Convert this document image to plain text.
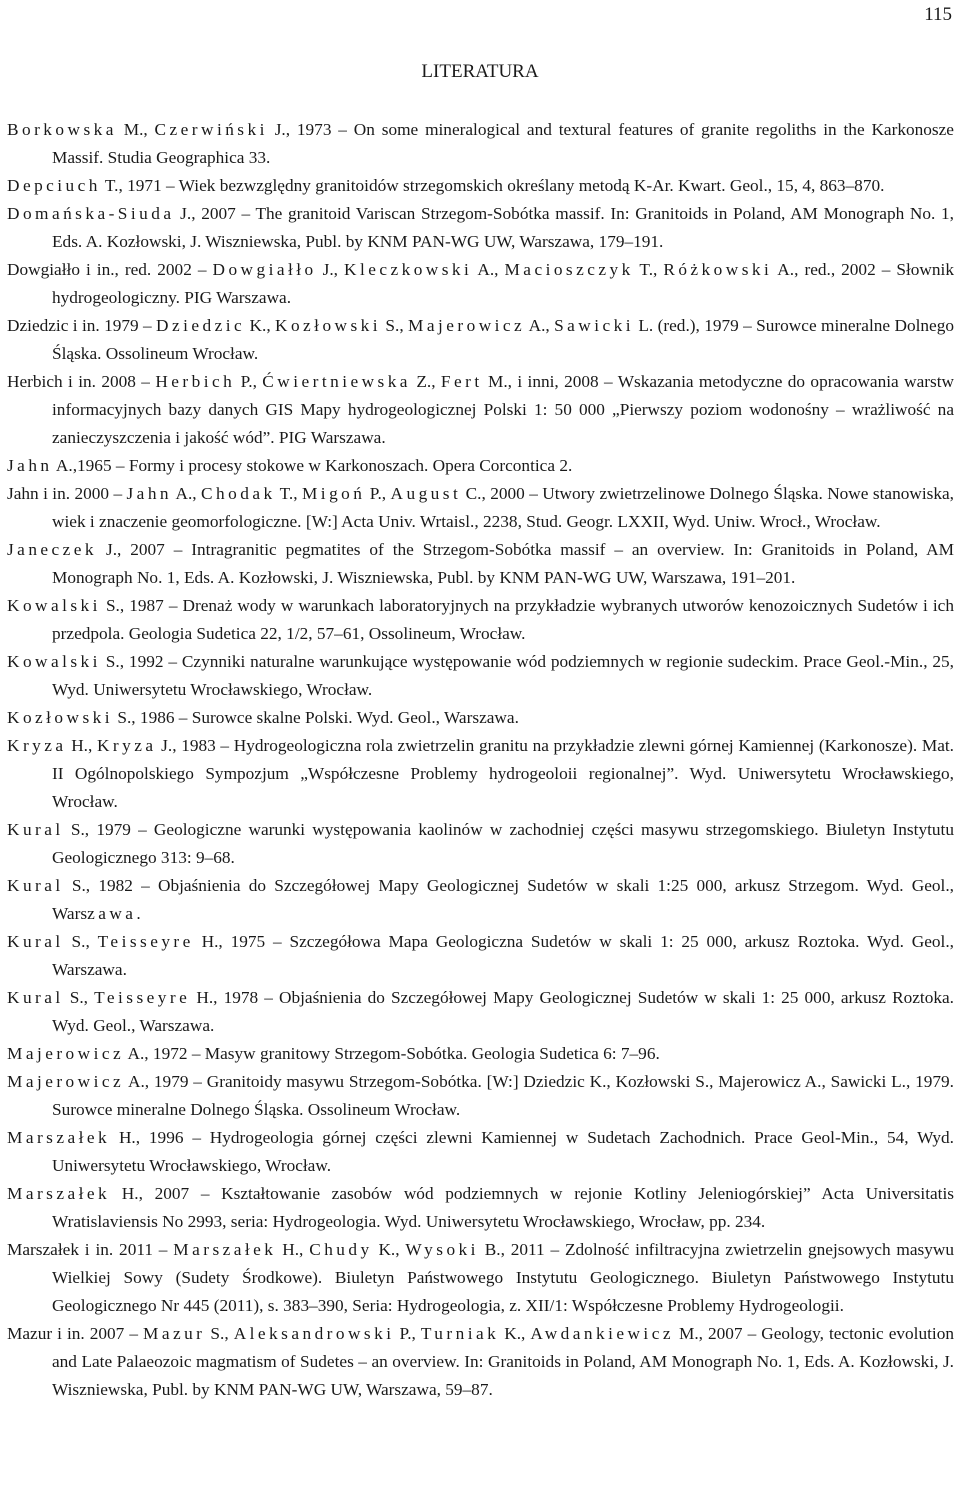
115
LITERATURA
Borkowska M., Czerwiński J., 1973 – On some mineralogical and textural features of granite regoliths in the Karkonosze Massif. Studia Geographica 33.
Depciuch T., 1971 – Wiek bezwzględny granitoidów strzegomskich określany metodą K-Ar. Kwart. Geol., 15, 4, 863–870.
Domańska-Siuda J., 2007 – The granitoid Variscan Strzegom-Sobótka massif. In: Granitoids in Poland, AM Monograph No. 1, Eds. A. Kozłowski, J. Wiszniewska, Publ. by KNM PAN-WG UW, Warszawa, 179–191.
Dowgiałło i in., red. 2002 – Dowgiałło J., Kleczkowski A., Macioszczyk T., Różkowski A., red., 2002 – Słownik hydrogeologiczny. PIG Warszawa.
Dziedzic i in. 1979 – Dziedzic K., Kozłowski S., Majerowicz A., Sawicki L. (red.), 1979 – Surowce mineralne Dolnego Śląska. Ossolineum Wrocław.
Herbich i in. 2008 – Herbich P., Ćwiertniewska Z., Fert M., i inni, 2008 – Wskazania metodyczne do opracowania warstw informacyjnych bazy danych GIS Mapy hydrogeologicznej Polski 1: 50 000 „Pierwszy poziom wodonośny – wrażliwość na zanieczyszczenia i jakość wód”. PIG Warszawa.
Jahn A.,1965 – Formy i procesy stokowe w Karkonoszach. Opera Corcontica 2.
Jahn i in. 2000 – Jahn A., Chodak T., Migoń P., August C., 2000 – Utwory zwietrzelinowe Dolnego Śląska. Nowe stanowiska, wiek i znaczenie geomorfologiczne. [W:] Acta Univ. Wrtaisl., 2238, Stud. Geogr. LXXII, Wyd. Uniw. Wrocł., Wrocław.
Janeczek J., 2007 – Intragranitic pegmatites of the Strzegom-Sobótka massif – an overview. In: Granitoids in Poland, AM Monograph No. 1, Eds. A. Kozłowski, J. Wiszniewska, Publ. by KNM PAN-WG UW, Warszawa, 191–201.
Kowalski S., 1987 – Drenaż wody w warunkach laboratoryjnych na przykładzie wybranych utworów kenozoicznych Sudetów i ich przedpola. Geologia Sudetica 22, 1/2, 57–61, Ossolineum, Wrocław.
Kowalski S., 1992 – Czynniki naturalne warunkujące występowanie wód podziemnych w regionie sudeckim. Prace Geol.-Min., 25, Wyd. Uniwersytetu Wrocławskiego, Wrocław.
Kozłowski S., 1986 – Surowce skalne Polski. Wyd. Geol., Warszawa.
Kryza H., Kryza J., 1983 – Hydrogeologiczna rola zwietrzelin granitu na przykładzie zlewni górnej Kamiennej (Karkonosze). Mat. II Ogólnopolskiego Sympozjum „Współczesne Problemy hydrogeoloii regionalnej”. Wyd. Uniwersytetu Wrocławskiego, Wrocław.
Kural S., 1979 – Geologiczne warunki występowania kaolinów w zachodniej części masywu strzegomskiego. Biuletyn Instytutu Geologicznego 313: 9–68.
Kural S., 1982 – Objaśnienia do Szczegółowej Mapy Geologicznej Sudetów w skali 1:25 000, arkusz Strzegom. Wyd. Geol., Warszawa.
Kural S., Teisseyre H., 1975 – Szczegółowa Mapa Geologiczna Sudetów w skali 1: 25 000, arkusz Roztoka. Wyd. Geol., Warszawa.
Kural S., Teisseyre H., 1978 – Objaśnienia do Szczegółowej Mapy Geologicznej Sudetów w skali 1: 25 000, arkusz Roztoka. Wyd. Geol., Warszawa.
Majerowicz A., 1972 – Masyw granitowy Strzegom-Sobótka. Geologia Sudetica 6: 7–96.
Majerowicz A., 1979 – Granitoidy masywu Strzegom-Sobótka. [W:] Dziedzic K., Kozłowski S., Majerowicz A., Sawicki L., 1979. Surowce mineralne Dolnego Śląska. Ossolineum Wrocław.
Marszałek H., 1996 – Hydrogeologia górnej części zlewni Kamiennej w Sudetach Zachodnich. Prace Geol-Min., 54, Wyd. Uniwersytetu Wrocławskiego, Wrocław.
Marszałek H., 2007 – Kształtowanie zasobów wód podziemnych w rejonie Kotliny Jeleniogórskiej” Acta Universitatis Wratislaviensis No 2993, seria: Hydrogeologia. Wyd. Uniwersytetu Wrocławskiego, Wrocław, pp. 234.
Marszałek i in. 2011 – Marszałek H., Chudy K., Wysoki B., 2011 – Zdolność infiltracyjna zwietrzelin gnejsowych masywu Wielkiej Sowy (Sudety Środkowe). Biuletyn Państwowego Instytutu Geologicznego. Biuletyn Państwowego Instytutu Geologicznego Nr 445 (2011), s. 383–390, Seria: Hydrogeologia, z. XII/1: Współczesne Problemy Hydrogeologii.
Mazur i in. 2007 – Mazur S., Aleksandrowski P., Turniak K., Awdankiewicz M., 2007 – Geology, tectonic evolution and Late Palaeozoic magmatism of Sudetes – an overview. In: Granitoids in Poland, AM Monograph No. 1, Eds. A. Kozłowski, J. Wiszniewska, Publ. by KNM PAN-WG UW, Warszawa, 59–87.
